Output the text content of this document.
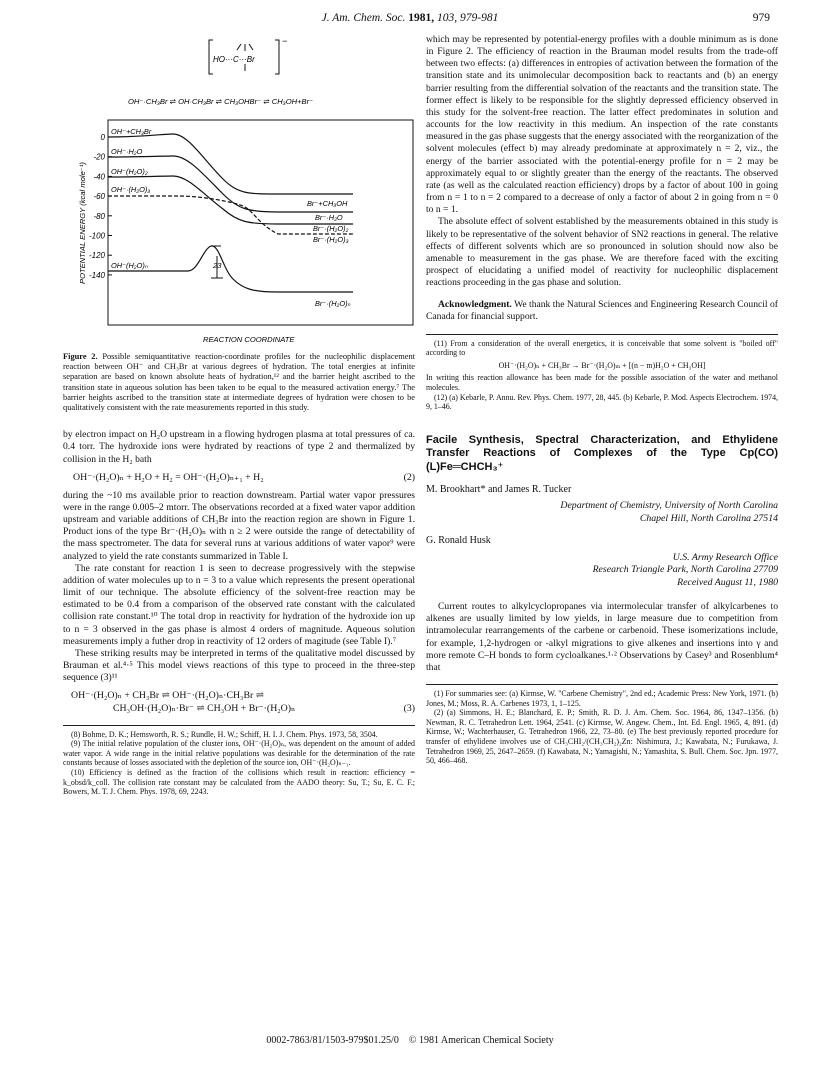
J. Am. Chem. Soc. 1981, 103, 979-981	979
−
HO···C···Br
OH⁻·CH₃Br ⇌ OH·CH₃Br ⇌ CH₃OHBr⁻ ⇌ CH₃OH+Br⁻
POTENTIAL ENERGY (kcal mole⁻¹)
0
-20
-40
-60
-80
-100
-120
-140
23
OH⁻+CH₃Br
OH⁻·H₂O
OH⁻(H₂O)₂
OH⁻·(H₂O)₃
OH⁻(H₂O)ₙ
Br⁻+CH₃OH
Br⁻·H₂O
Br⁻·(H₂O)₂
Br⁻·(H₂O)₃
Br⁻·(H₂O)ₙ
REACTION COORDINATE
Figure 2. Possible semiquantitative reaction-coordinate profiles for the nucleophilic displacement reaction between OH⁻ and CH₃Br at various degrees of hydration. The total energies at infinite separation are based on known absolute heats of hydration,¹² and the barrier height ascribed to the transition state in aqueous solution has been taken to be equal to the measured activation energy.⁷ The barrier heights ascribed to the transition state at intermediate degrees of hydration were chosen to be qualitatively consistent with the rate measurements reported in this study.

by electron impact on H₂O upstream in a flowing hydrogen plasma at total pressures of ca. 0.4 torr. The hydroxide ions were hydrated by reactions of type 2 and thermalized by collision in the H₂ bath

OH⁻·(H₂O)ₙ + H₂O + H₂ = OH⁻·(H₂O)ₙ₊₁ + H₂	(2)

during the ~10 ms available prior to reaction downstream. Partial water vapor pressures were in the range 0.005–2 mtorr. The observations recorded at a fixed water vapor addition upstream and variable additions of CH₃Br into the reaction region are shown in Figure 1. Product ions of the type Br⁻·(H₂O)ₙ with n ≥ 2 were outside the range of detectability of the mass spectrometer. The data for several runs at various additions of water vapor⁹ were analyzed to yield the rate constants summarized in Table I.

The rate constant for reaction 1 is seen to decrease progressively with the stepwise addition of water molecules up to n = 3 to a value which represents the present operational limit of our technique. The absolute efficiency of the solvent-free reaction may be estimated to be 0.4 from a comparison of the observed rate constant with the calculated collision rate constant.¹⁰ The total drop in reactivity for hydration of the hydroxide ion up to n = 3 observed in the gas phase is almost 4 orders of magnitude. Aqueous solution measurements imply a futher drop in reactivity of 12 orders of magitude (see Table I).⁷

These striking results may be interpreted in terms of the qualitative model discussed by Brauman et al.⁴·⁵ This model views reactions of this type to proceed in the three-step sequence (3)¹¹

OH⁻·(H₂O)ₙ + CH₃Br ⇌ OH⁻·(H₂O)ₙ·CH₃Br ⇌
CH₃OH·(H₂O)ₙ·Br⁻ ⇌ CH₃OH + Br⁻·(H₂O)ₙ	(3)

(8) Bohme, D. K.; Hemsworth, R. S.; Rundle, H. W.; Schiff, H. I. J. Chem. Phys. 1973, 58, 3504.

(9) The initial relative population of the cluster ions, OH⁻·(H₂O)ₙ, was dependent on the amount of added water vapor. A wide range in the initial relative populations was desirable for the determination of the rate constants because of losses associated with the depletion of the source ion, OH⁻·(H₂O)ₙ₋₁.

(10) Efficiency is defined as the fraction of the collisions which result in reaction: efficiency = k_obsd/k_coll. The collision rate constant may be calculated from the AADO theory: Su, T.; Su, E. C. F.; Bowers, M. T. J. Chem. Phys. 1978, 69, 2243.

which may be represented by potential-energy profiles with a double minimum as is done in Figure 2. The efficiency of reaction in the Brauman model results from the trade-off between two effects: (a) differences in entropies of activation between the formation of the transition state and its unimolecular decomposition back to reactants and (b) an energy barrier resulting from the differential solvation of the reactants and the transition state. The former effect is likely to be responsible for the slightly depressed efficiency observed in this study for the solvent-free reaction. The latter effect predominates in solution and accounts for the low reactivity in this medium. An inspection of the rate constants measured in the gas phase suggests that the energy associated with the reorganization of the solvent molecules (effect b) may already predominate at approximately n = 2, viz., the energy of the barrier associated with the potential-energy profile for n = 2 may be approximately equal to or slightly greater than the energy of the reactants. The observed rate (as well as the calculated reaction efficiency) drops by a factor of about 100 in going from n = 1 to n = 2 compared to a decrease of only a factor of about 2 in going from n = 0 to n = 1.

The absolute effect of solvent established by the measurements obtained in this study is likely to be representative of the solvent behavior of SN2 reactions in general. The relative effects of different solvents which are so pronounced in solution should now also be amenable to measurement in the gas phase. We are therefore faced with the exciting prospect of elucidating a unified model of reactivity for nucleophilic displacement reactions proceeding in the gas phase and solution.

Acknowledgment. We thank the Natural Sciences and Engineering Research Council of Canada for financial support.

(11) From a consideration of the overall energetics, it is conceivable that some solvent is "boiled off" according to

OH⁻·(H₂O)ₙ + CH₃Br → Br⁻·(H₂O)ₘ + [(n − m)H₂O + CH₃OH]

In writing this reaction allowance has been made for the possible association of the water and methanol molecules.

(12) (a) Kebarle, P. Annu. Rev. Phys. Chem. 1977, 28, 445. (b) Kebarle, P. Mod. Aspects Electrochem. 1974, 9, 1–46.

Facile Synthesis, Spectral Characterization, and Ethylidene Transfer Reactions of Complexes of the Type Cp(CO)(L)Fe═CHCH₃⁺
M. Brookhart* and James R. Tucker
Department of Chemistry, University of North Carolina
Chapel Hill, North Carolina 27514
G. Ronald Husk
U.S. Army Research Office
Research Triangle Park, North Carolina 27709
Received August 11, 1980

Current routes to alkylcyclopropanes via intermolecular transfer of alkylcarbenes to alkenes are usually limited by low yields, in large measure due to competition from intramolecular rearrangements of the carbene or carbenoid. These isomerizations include, for example, 1,2-hydrogen or -alkyl migrations to give alkenes and insertions into γ and more remote C–H bonds to form cycloalkanes.¹·² Observations by Casey³ and Rosenblum⁴ that

(1) For summaries see: (a) Kirmse, W. "Carbene Chemistry", 2nd ed.; Academic Press: New York, 1971. (b) Jones, M.; Moss, R. A. Carbenes 1973, 1, 1–125.

(2) (a) Simmons, H. E.; Blanchard, E. P.; Smith, R. D. J. Am. Chem. Soc. 1964, 86, 1347–1356. (b) Newman, R. C. Tetrahedron Lett. 1964, 2541. (c) Kirmse, W. Angew. Chem., Int. Ed. Engl. 1965, 4, 891. (d) Kirmse, W.; Wachterhauser, G. Tetrahedron 1966, 22, 73–80. (e) The best previously reported procedure for transfer of ethylidene involves use of CH₃CHI₂/(CH₃CH₂)₂Zn: Nishimura, J.; Kawabata, N.; Furukawa, J. Tetrahedron 1969, 25, 2647–2659. (f) Kawabata, N.; Yamagishi, N.; Yamashita, S. Bull. Chem. Soc. Jpn. 1977, 50, 466–468.

0002-7863/81/1503-979$01.25/0 © 1981 American Chemical Society
